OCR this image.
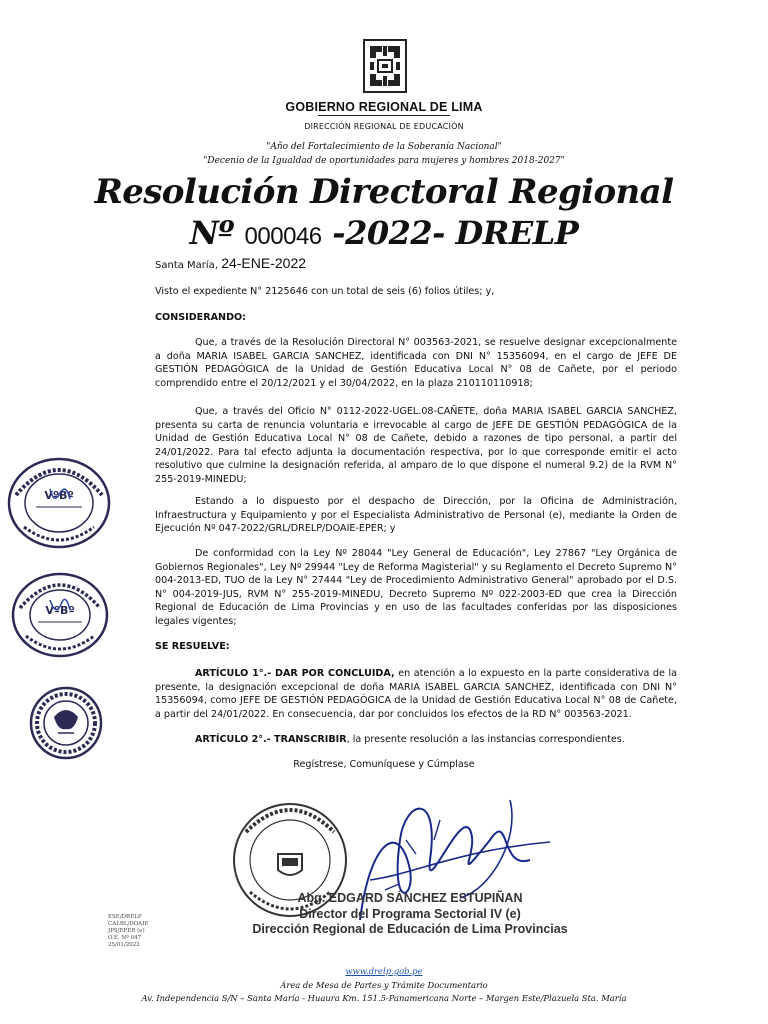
GOBIERNO REGIONAL DE LIMA
DIRECCIÓN REGIONAL DE EDUCACIÓN
"Año del Fortalecimiento de la Soberanía Nacional"
"Decenio de la Igualdad de oportunidades para mujeres y hombres 2018-2027"
Resolución Directoral Regional
Nº 000046 -2022- DRELP
Santa María, 24-ENE-2022
Visto el expediente N° 2125646 con un total de seis (6) folios útiles; y,
CONSIDERANDO:
Que, a través de la Resolución Directoral N° 003563-2021, se resuelve designar excepcionalmente a doña MARIA ISABEL GARCIA SANCHEZ, identificada con DNI N° 15356094, en el cargo de JEFE DE GESTIÓN PEDAGÓGICA de la Unidad de Gestión Educativa Local N° 08 de Cañete, por el periodo comprendido entre el 20/12/2021 y el 30/04/2022, en la plaza 210110110918;
Que, a través del Oficio N° 0112-2022-UGEL.08-CAÑETE, doña MARIA ISABEL GARCIA SANCHEZ, presenta su carta de renuncia voluntaria e irrevocable al cargo de JEFE DE GESTIÓN PEDAGÓGICA de la Unidad de Gestión Educativa Local N° 08 de Cañete, debido a razones de tipo personal, a partir del 24/01/2022. Para tal efecto adjunta la documentación respectiva, por lo que corresponde emitir el acto resolutivo que culmine la designación referida, al amparo de lo que dispone el numeral 9.2) de la RVM N° 255-2019-MINEDU;
Estando a lo dispuesto por el despacho de Dirección, por la Oficina de Administración, Infraestructura y Equipamiento y por el Especialista Administrativo de Personal (e), mediante la Orden de Ejecución Nº 047-2022/GRL/DRELP/DOAIE-EPER; y
De conformidad con la Ley Nº 28044 "Ley General de Educación", Ley 27867 "Ley Orgánica de Gobiernos Regionales", Ley Nº 29944 "Ley de Reforma Magisterial" y su Reglamento el Decreto Supremo N° 004-2013-ED, TUO de la Ley N° 27444 "Ley de Procedimiento Administrativo General" aprobado por el D.S. N° 004-2019-JUS, RVM N° 255-2019-MINEDU, Decreto Supremo Nº 022-2003-ED que crea la Dirección Regional de Educación de Lima Provincias y en uso de las facultades conferidas por las disposiciones legales vigentes;
SE RESUELVE:
ARTÍCULO 1°.- DAR POR CONCLUIDA, en atención a lo expuesto en la parte considerativa de la presente, la designación excepcional de doña MARIA ISABEL GARCIA SANCHEZ, identificada con DNI N° 15356094, como JEFE DE GESTIÓN PEDAGÓGICA de la Unidad de Gestión Educativa Local N° 08 de Cañete, a partir del 24/01/2022. En consecuencia, dar por concluidos los efectos de la RD N° 003563-2021.
ARTÍCULO 2°.- TRANSCRIBIR, la presente resolución a las instancias correspondientes.
Regístrese, Comuníquese y Cúmplase
VºBº
VºBº
Abg. EDGARD SÁNCHEZ ESTUPIÑAN
Director del Programa Sectorial IV (e)
Dirección Regional de Educación de Lima Provincias
ESE/DRELP
CALBL/DOAIE
JPS/EPER (e)
O.E. Nº 047
25/01/2022
www.drelp.gob.pe
Área de Mesa de Partes y Trámite Documentario
Av. Independencia S/N – Santa María - Huaura Km. 151.5-Panamericana Norte – Margen Este/Plazuela Sta. María
